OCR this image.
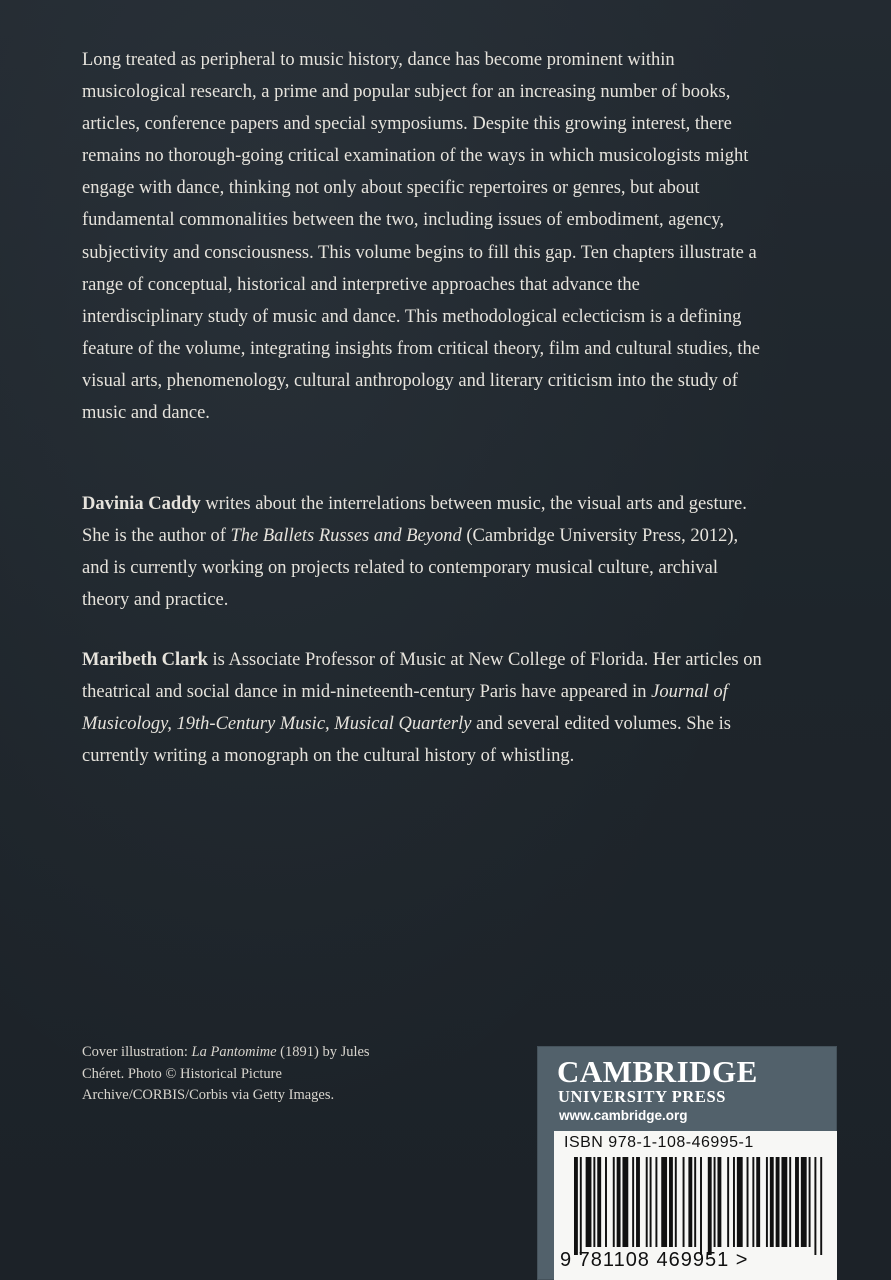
Long treated as peripheral to music history, dance has become prominent within musicological research, a prime and popular subject for an increasing number of books, articles, conference papers and special symposiums. Despite this growing interest, there remains no thorough-going critical examination of the ways in which musicologists might engage with dance, thinking not only about specific repertoires or genres, but about fundamental commonalities between the two, including issues of embodiment, agency, subjectivity and consciousness. This volume begins to fill this gap. Ten chapters illustrate a range of conceptual, historical and interpretive approaches that advance the interdisciplinary study of music and dance. This methodological eclecticism is a defining feature of the volume, integrating insights from critical theory, film and cultural studies, the visual arts, phenomenology, cultural anthropology and literary criticism into the study of music and dance.

Davinia Caddy writes about the interrelations between music, the visual arts and gesture. She is the author of The Ballets Russes and Beyond (Cambridge University Press, 2012), and is currently working on projects related to contemporary musical culture, archival theory and practice.

Maribeth Clark is Associate Professor of Music at New College of Florida. Her articles on theatrical and social dance in mid-nineteenth-century Paris have appeared in Journal of Musicology, 19th-Century Music, Musical Quarterly and several edited volumes. She is currently writing a monograph on the cultural history of whistling.

Cover illustration: La Pantomime (1891) by Jules Chéret. Photo © Historical Picture Archive/CORBIS/Corbis via Getty Images.

CAMBRIDGE
UNIVERSITY PRESS
www.cambridge.org
ISBN 978-1-108-46995-1
9 781108 469951 >
